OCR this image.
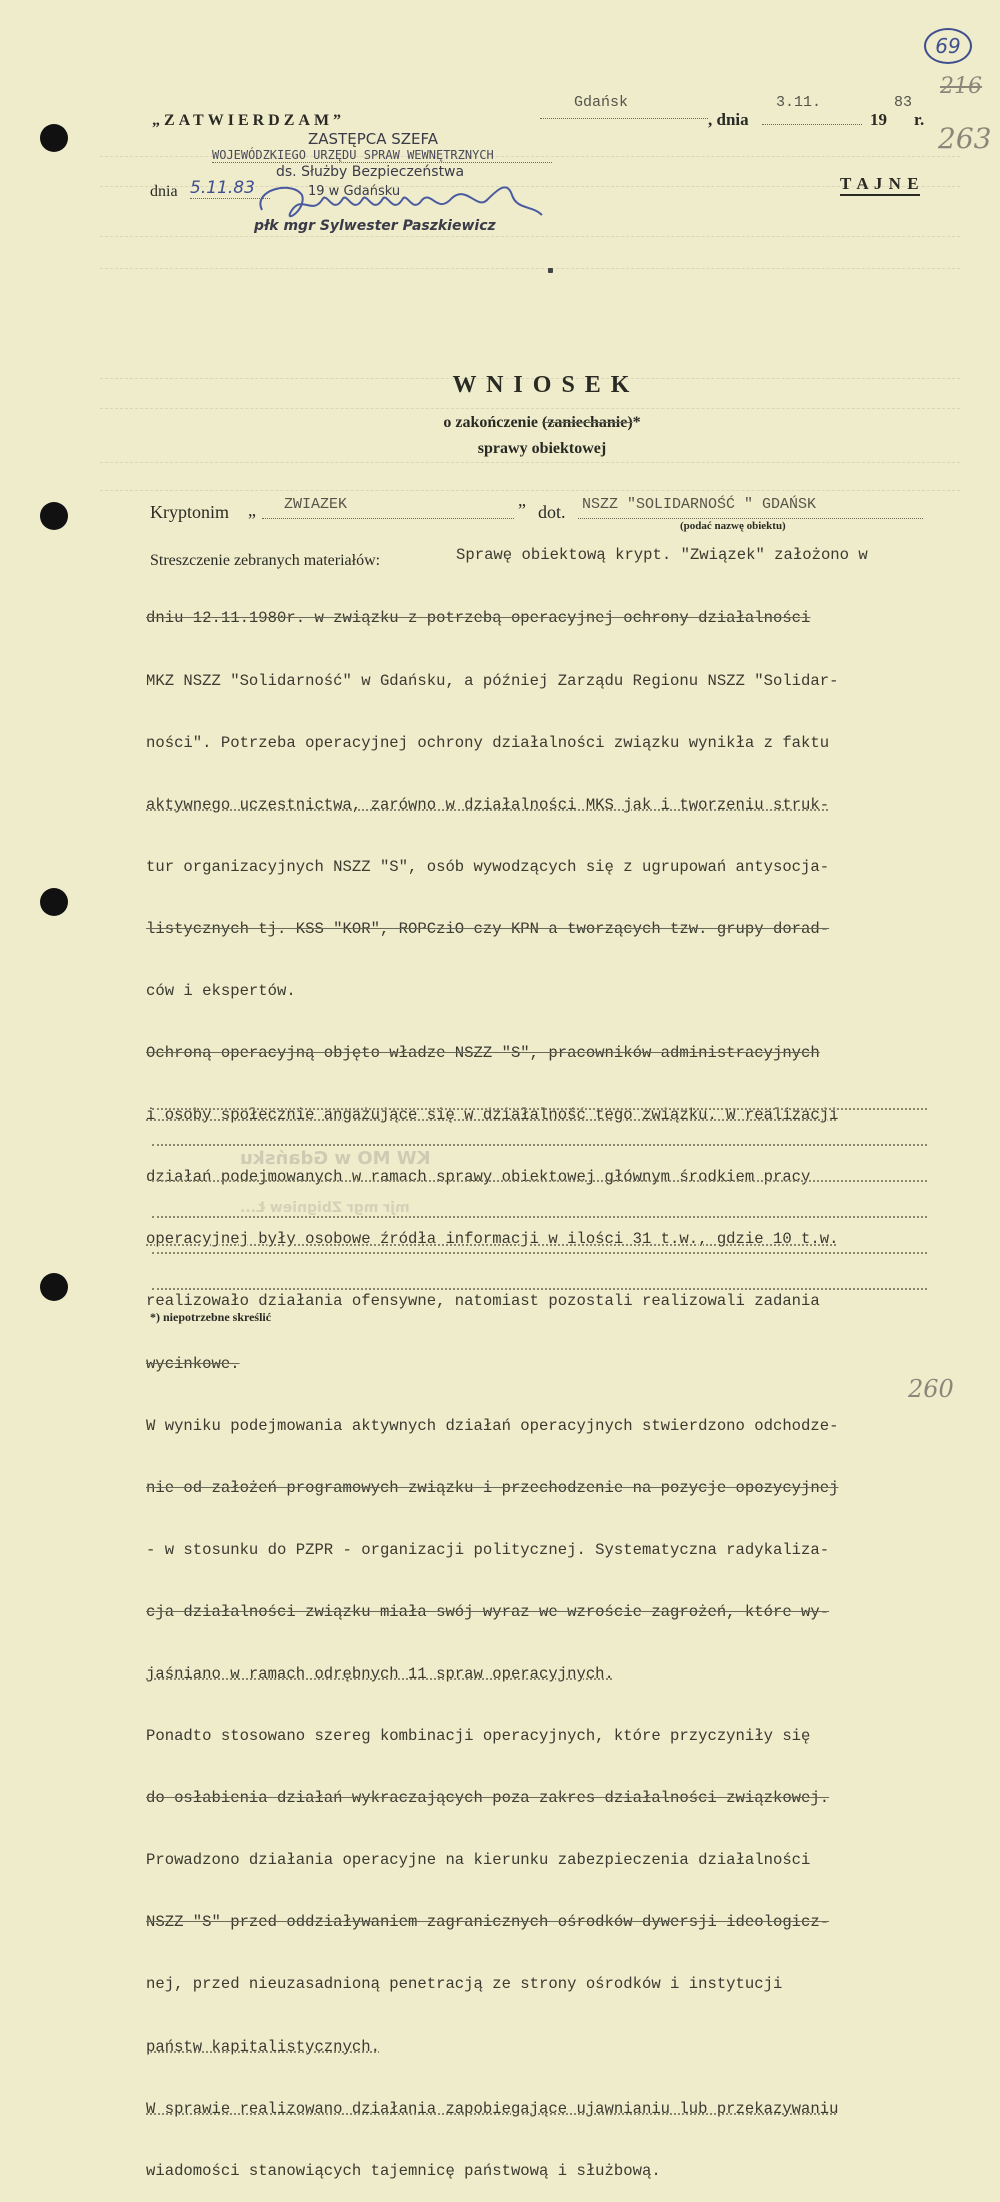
69
216
263
260
„ZATWIERDZAM”
ZASTĘPCA SZEFA
WOJEWÓDZKIEGO URZĘDU SPRAW WEWNĘTRZNYCH
ds. Służby Bezpieczeństwa
dnia 5.11.83	19 w Gdańsku
płk mgr Sylwester Paszkiewicz
Gdańsk
, dnia
3.11.
19
83
r.
T A J N E
W N I O S E K
o zakończenie (zaniechanie)*
sprawy obiektowej
Kryptonim „ ZWIAZEK	” dot. NSZZ "SOLIDARNOŚĆ " GDAŃSK
(podać nazwę obiektu)
Streszczenie zebranych materiałów:	Sprawę obiektową krypt. "Związek" założono w

dniu 12.11.1980r. w związku z potrzebą operacyjnej ochrony działalności

MKZ NSZZ "Solidarność" w Gdańsku, a później Zarządu Regionu NSZZ "Solidar-

ności". Potrzeba operacyjnej ochrony działalności związku wynikła z faktu

aktywnego uczestnictwa, zarówno w działalności MKS jak i tworzeniu struk-

tur organizacyjnych NSZZ "S", osób wywodzących się z ugrupowań antysocja-

listycznych tj. KSS "KOR", ROPCziO czy KPN a tworzących tzw. grupy dorad-

ców i ekspertów.

Ochroną operacyjną objęto władze NSZZ "S", pracowników administracyjnych

i osoby społecznie angażujące się w działalność tego związku. W realizacji

działań podejmowanych w ramach sprawy obiektowej głównym środkiem pracy

operacyjnej były osobowe źródła informacji w ilości 31 t.w., gdzie 10 t.w.

realizowało działania ofensywne, natomiast pozostali realizowali zadania

wycinkowe.

W wyniku podejmowania aktywnych działań operacyjnych stwierdzono odchodze-

nie od założeń programowych związku i przechodzenie na pozycje opozycyjnej

- w stosunku do PZPR - organizacji politycznej. Systematyczna radykaliza-

cja działalności związku miała swój wyraz we wzroście zagrożeń, które wy-

jaśniano w ramach odrębnych 11 spraw operacyjnych.

Ponadto stosowano szereg kombinacji operacyjnych, które przyczyniły się

do osłabienia działań wykraczających poza zakres działalności związkowej.

Prowadzono działania operacyjne na kierunku zabezpieczenia działalności

NSZZ "S" przed oddziaływaniem zagranicznych ośrodków dywersji ideologicz-

nej, przed nieuzasadnioną penetracją ze strony ośrodków i instytucji

państw kapitalistycznych.

W sprawie realizowano działania zapobiegające ujawnianiu lub przekazywaniu

wiadomości stanowiących tajemnicę państwową i służbową.

KW MO w Gdańsku
mjr mgr Zbigniew Ł...
*) niepotrzebne skreślić
